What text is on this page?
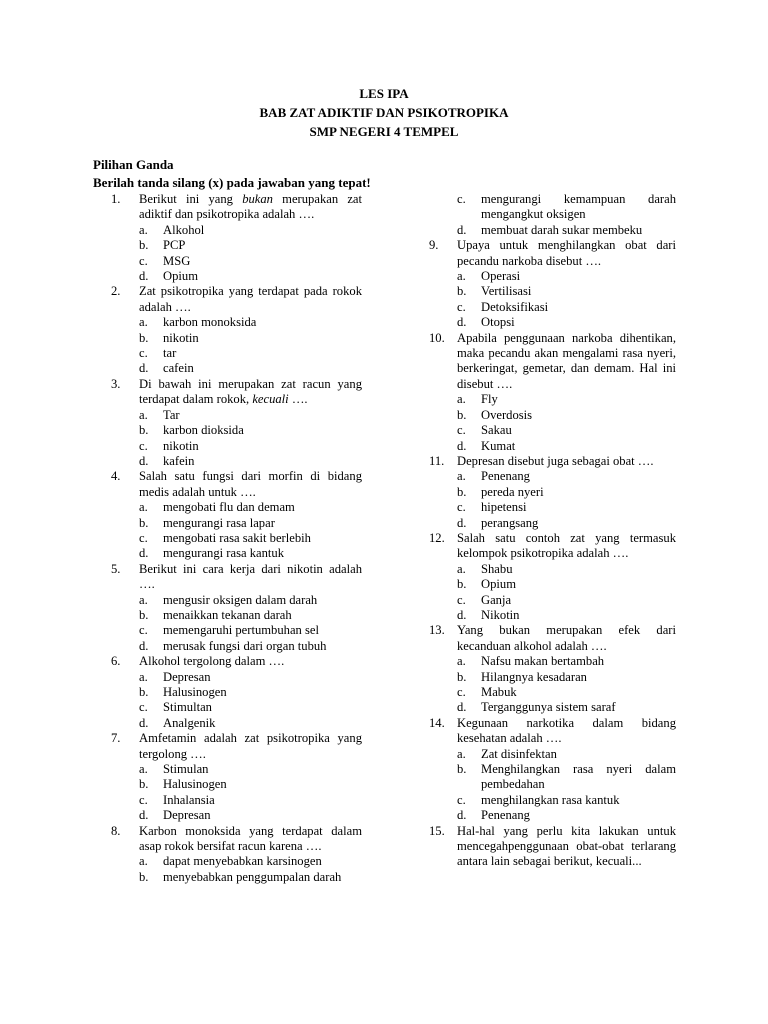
LES IPA
BAB ZAT ADIKTIF DAN PSIKOTROPIKA
SMP NEGERI 4 TEMPEL
Pilihan Ganda
Berilah tanda silang (x) pada jawaban yang tepat!
1.	Berikut ini yang bukan merupakan zat adiktif dan psikotropika adalah ….
a.	Alkohol
b.	PCP
c.	MSG
d.	Opium
2.	Zat psikotropika yang terdapat pada rokok adalah ….
a.	karbon monoksida
b.	nikotin
c.	tar
d.	cafein
3.	Di bawah ini merupakan zat racun yang terdapat dalam rokok, kecuali ….
a.	Tar
b.	karbon dioksida
c.	nikotin
d.	kafein
4.	Salah satu fungsi dari morfin di bidang medis adalah untuk ….
a.	mengobati flu dan demam
b.	mengurangi rasa lapar
c.	mengobati rasa sakit berlebih
d.	mengurangi rasa kantuk
5.	Berikut ini cara kerja dari nikotin adalah ….
a.	mengusir oksigen dalam darah
b.	menaikkan tekanan darah
c.	memengaruhi pertumbuhan sel
d.	merusak fungsi dari organ tubuh
6.	Alkohol tergolong dalam ….
a.	Depresan
b.	Halusinogen
c.	Stimultan
d.	Analgenik
7.	Amfetamin adalah zat psikotropika yang tergolong ….
a.	Stimulan
b.	Halusinogen
c.	Inhalansia
d.	Depresan
8.	Karbon monoksida yang terdapat dalam asap rokok bersifat racun karena ….
a.	dapat menyebabkan karsinogen
b.	menyebabkan penggumpalan darah
c.	mengurangi kemampuan darah mengangkut oksigen
d.	membuat darah sukar membeku
9.	Upaya untuk menghilangkan obat dari pecandu narkoba disebut ….
a.	Operasi
b.	Vertilisasi
c.	Detoksifikasi
d.	Otopsi
10. Apabila penggunaan narkoba dihentikan, maka pecandu akan mengalami rasa nyeri, berkeringat, gemetar, dan demam. Hal ini disebut ….
a.	Fly
b.	Overdosis
c.	Sakau
d.	Kumat
11.	Depresan disebut juga sebagai obat ….
a.	Penenang
b.	pereda nyeri
c.	hipetensi
d.	perangsang
12. Salah satu contoh zat yang termasuk kelompok psikotropika adalah ….
a.	Shabu
b.	Opium
c.	Ganja
d.	Nikotin
13. Yang bukan merupakan efek dari kecanduan alkohol adalah ….
a.	Nafsu makan bertambah
b.	Hilangnya kesadaran
c.	Mabuk
d.	Terganggunya sistem saraf
14. Kegunaan narkotika dalam bidang kesehatan adalah ….
a.	Zat disinfektan
b.	Menghilangkan rasa nyeri dalam pembedahan
c.	menghilangkan rasa kantuk
d.	Penenang
15. Hal-hal yang perlu kita lakukan untuk mencegahpenggunaan obat-obat terlarang antara lain sebagai berikut, kecuali...
